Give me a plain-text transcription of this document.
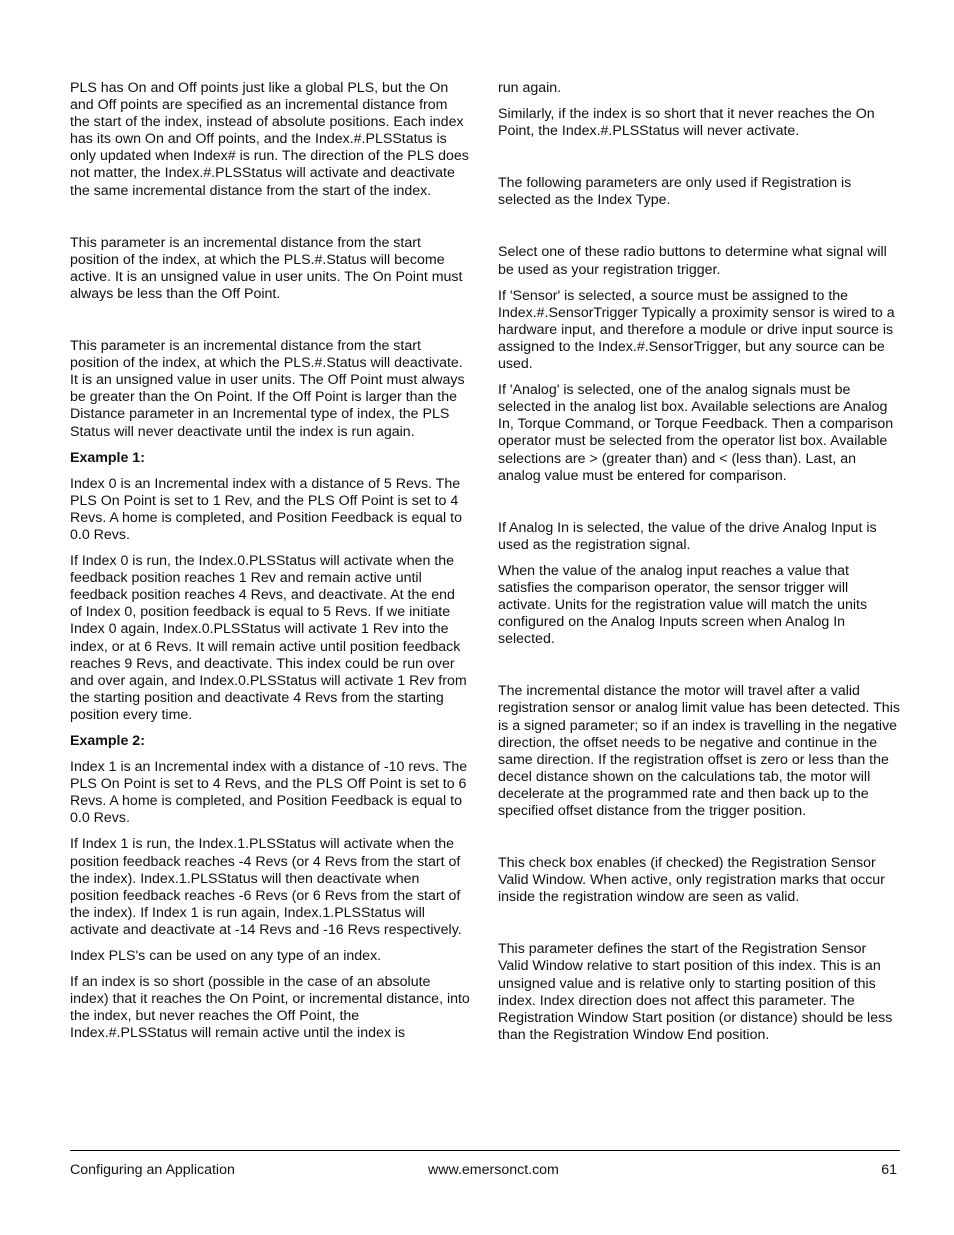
PLS has On and Off points just like a global PLS, but the On and Off points are specified as an incremental distance from the start of the index, instead of absolute positions. Each index has its own On and Off points, and the Index.#.PLSStatus is only updated when Index# is run. The direction of the PLS does not matter, the Index.#.PLSStatus will activate and deactivate the same incremental distance from the start of the index.

This parameter is an incremental distance from the start position of the index, at which the PLS.#.Status will become active. It is an unsigned value in user units. The On Point must always be less than the Off Point.

This parameter is an incremental distance from the start position of the index, at which the PLS.#.Status will deactivate. It is an unsigned value in user units. The Off Point must always be greater than the On Point. If the Off Point is larger than the Distance parameter in an Incremental type of index, the PLS Status will never deactivate until the index is run again.

Example 1:

Index 0 is an Incremental index with a distance of 5 Revs. The PLS On Point is set to 1 Rev, and the PLS Off Point is set to 4 Revs. A home is completed, and Position Feedback is equal to 0.0 Revs.

If Index 0 is run, the Index.0.PLSStatus will activate when the feedback position reaches 1 Rev and remain active until feedback position reaches 4 Revs, and deactivate. At the end of Index 0, position feedback is equal to 5 Revs. If we initiate Index 0 again, Index.0.PLSStatus will activate 1 Rev into the index, or at 6 Revs. It will remain active until position feedback reaches 9 Revs, and deactivate. This index could be run over and over again, and Index.0.PLSStatus will activate 1 Rev from the starting position and deactivate 4 Revs from the starting position every time.

Example 2:

Index 1 is an Incremental index with a distance of -10 revs. The PLS On Point is set to 4 Revs, and the PLS Off Point is set to 6 Revs. A home is completed, and Position Feedback is equal to 0.0 Revs.

If Index 1 is run, the Index.1.PLSStatus will activate when the position feedback reaches -4 Revs (or 4 Revs from the start of the index). Index.1.PLSStatus will then deactivate when position feedback reaches -6 Revs (or 6 Revs from the start of the index). If Index 1 is run again, Index.1.PLSStatus will activate and deactivate at -14 Revs and -16 Revs respectively.

Index PLS's can be used on any type of an index.

If an index is so short (possible in the case of an absolute index) that it reaches the On Point, or incremental distance, into the index, but never reaches the Off Point, the Index.#.PLSStatus will remain active until the index is

run again.

Similarly, if the index is so short that it never reaches the On Point, the Index.#.PLSStatus will never activate.

The following parameters are only used if Registration is selected as the Index Type.

Select one of these radio buttons to determine what signal will be used as your registration trigger.

If 'Sensor' is selected, a source must be assigned to the Index.#.SensorTrigger Typically a proximity sensor is wired to a hardware input, and therefore a module or drive input source is assigned to the Index.#.SensorTrigger, but any source can be used.

If 'Analog' is selected, one of the analog signals must be selected in the analog list box. Available selections are Analog In, Torque Command, or Torque Feedback. Then a comparison operator must be selected from the operator list box. Available selections are > (greater than) and < (less than). Last, an analog value must be entered for comparison.

If Analog In is selected, the value of the drive Analog Input is used as the registration signal.

When the value of the analog input reaches a value that satisfies the comparison operator, the sensor trigger will activate. Units for the registration value will match the units configured on the Analog Inputs screen when Analog In selected.

The incremental distance the motor will travel after a valid registration sensor or analog limit value has been detected. This is a signed parameter; so if an index is travelling in the negative direction, the offset needs to be negative and continue in the same direction. If the registration offset is zero or less than the decel distance shown on the calculations tab, the motor will decelerate at the programmed rate and then back up to the specified offset distance from the trigger position.

This check box enables (if checked) the Registration Sensor Valid Window. When active, only registration marks that occur inside the registration window are seen as valid.

This parameter defines the start of the Registration Sensor Valid Window relative to start position of this index. This is an unsigned value and is relative only to starting position of this index. Index direction does not affect this parameter. The Registration Window Start position (or distance) should be less than the Registration Window End position.

Configuring an Application	www.emersonct.com	61
